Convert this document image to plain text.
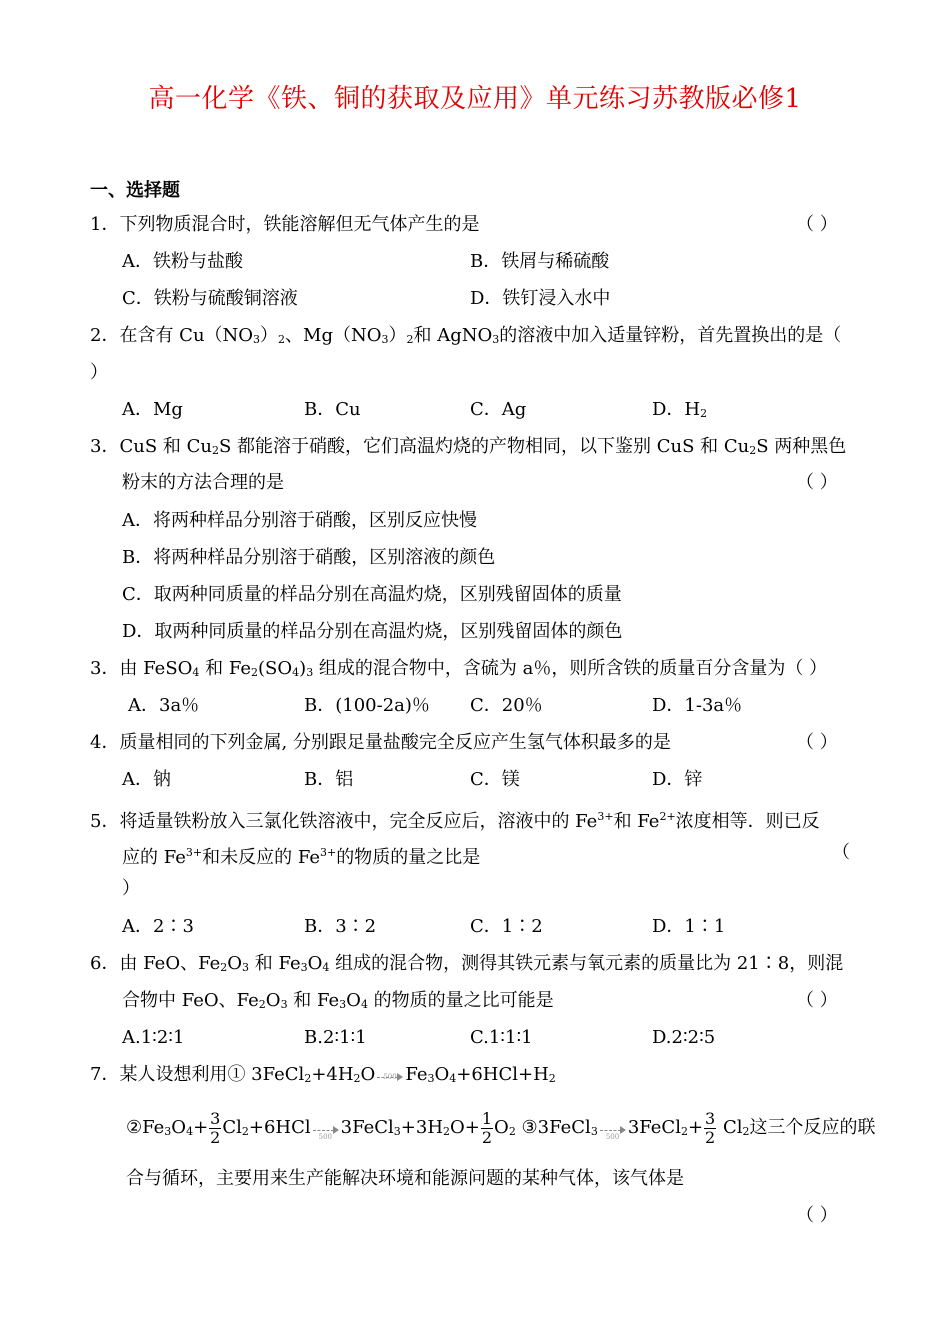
高一化学《铁、铜的获取及应用》单元练习苏教版必修1
一、选择题
1．下列物质混合时，铁能溶解但无气体产生的是	（ ）
A．铁粉与盐酸	B．铁屑与稀硫酸
C．铁粉与硫酸铜溶液	D．铁钉浸入水中
2．在含有 $Cu(NO_3)_2$、$Mg(NO_3)_2$和 AgNO$_3$的溶液中加入适量锌粉，首先置换出的是（
）
A．Mg	B．Cu	C．Ag	D．$H_2$
3．CuS 和 $Cu_2S$ 都能溶于硝酸，它们高温灼烧的产物相同，以下鉴别 CuS 和 $Cu_2S$ 两种黑色
粉末的方法合理的是	（ ）
A．将两种样品分别溶于硝酸，区别反应快慢
B．将两种样品分别溶于硝酸，区别溶液的颜色
C．取两种同质量的样品分别在高温灼烧，区别残留固体的质量
D．取两种同质量的样品分别在高温灼烧，区别残留固体的颜色
3．由 FeSO$_4$ 和 $Fe_2(SO_4)_3$ 组成的混合物中，含硫为 a％，则所含铁的质量百分含量为（ ）
A．3a％	B．(100-2a)％ C．20％	D．1-3a％
4．质量相同的下列金属, 分别跟足量盐酸完全反应产生氢气体积最多的是	（ ）
A．钠	B．铝	C．镁	D．锌
5．将适量铁粉放入三氯化铁溶液中，完全反应后，溶液中的 $Fe^{3+}$和 $Fe^{2+}$浓度相等．则已反
应的 $Fe^{3+}$和未反应的 $Fe^{3+}$的物质的量之比是	（
）
A．2∶3	B．3∶2	C．1∶2	D．1∶1
6．由 FeO、$Fe_2O_3$ 和 $Fe_3O_4$ 组成的混合物，测得其铁元素与氧元素的质量比为 21∶8，则混
合物中 FeO、$Fe_2O_3$ 和 $Fe_3O_4$ 的物质的量之比可能是	（ ）
A.1∶2∶1	B.2∶1∶1	C.1∶1∶1	D.2∶2∶5
7．某人设想利用① $3FeCl_2+4H_2O$ 500 $Fe_3O_4+6HCl+H_2$
$②Fe_3O_4+ \frac{3}{2} Cl_2+6HCl$ 500 $3FeCl_3+3H_2O+ \frac{1}{2} O_2$ ③3FeCl$_3$ 500 3FeCl$_2$+ $\frac{3}{2} Cl_2$这三个反应的联
合与循环，主要用来生产能解决环境和能源问题的某种气体，该气体是
（ ）
